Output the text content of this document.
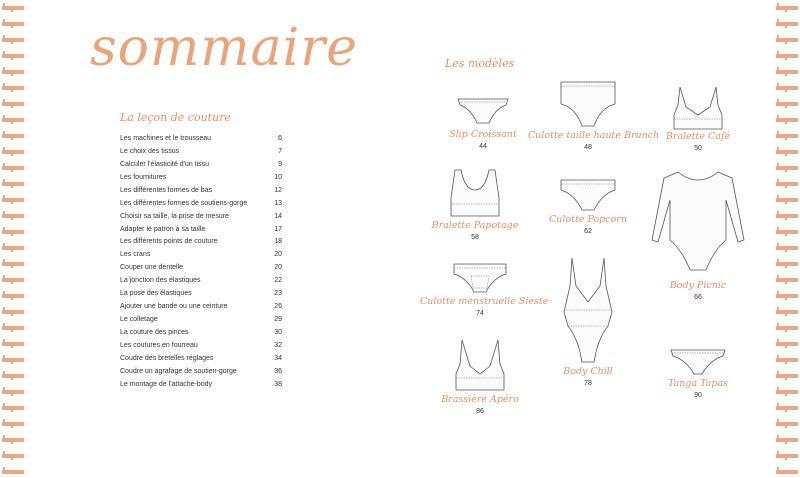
sommaire
La leçon de couture
Les modèles
Les machines et le trousseau	6
Le choix des tissus	7
Calculer l'élasticité d'un tissu	9
Les fournitures	10
Les différentes formes de bas	12
Les différentes formes de soutiens-gorge	13
Choisir sa taille, la prise de mesure	14
Adapter le patron à sa taille	17
Les différents points de couture	18
Les crans	20
Couper une dentelle	20
La jonction des élastiques	22
La pose des élastiques	23
Ajouter une bande ou une ceinture	26
Le colletage	29
La couture des pinces	30
Les coutures en fourreau	32
Coudre des bretelles réglages	34
Coudre un agrafage de soutien-gorge	36
Le montage de l'attache-body	38
Slip Croissant
44
Culotte taille haute Brunch
48
Bralette Café
50
Bralette Papotage
58
Culotte Popcorn
62
Body Picnic
66
Culotte menstruelle Sieste
74
Body Chill
78
Brassière Apéro
86
Tanga Tapas
90
